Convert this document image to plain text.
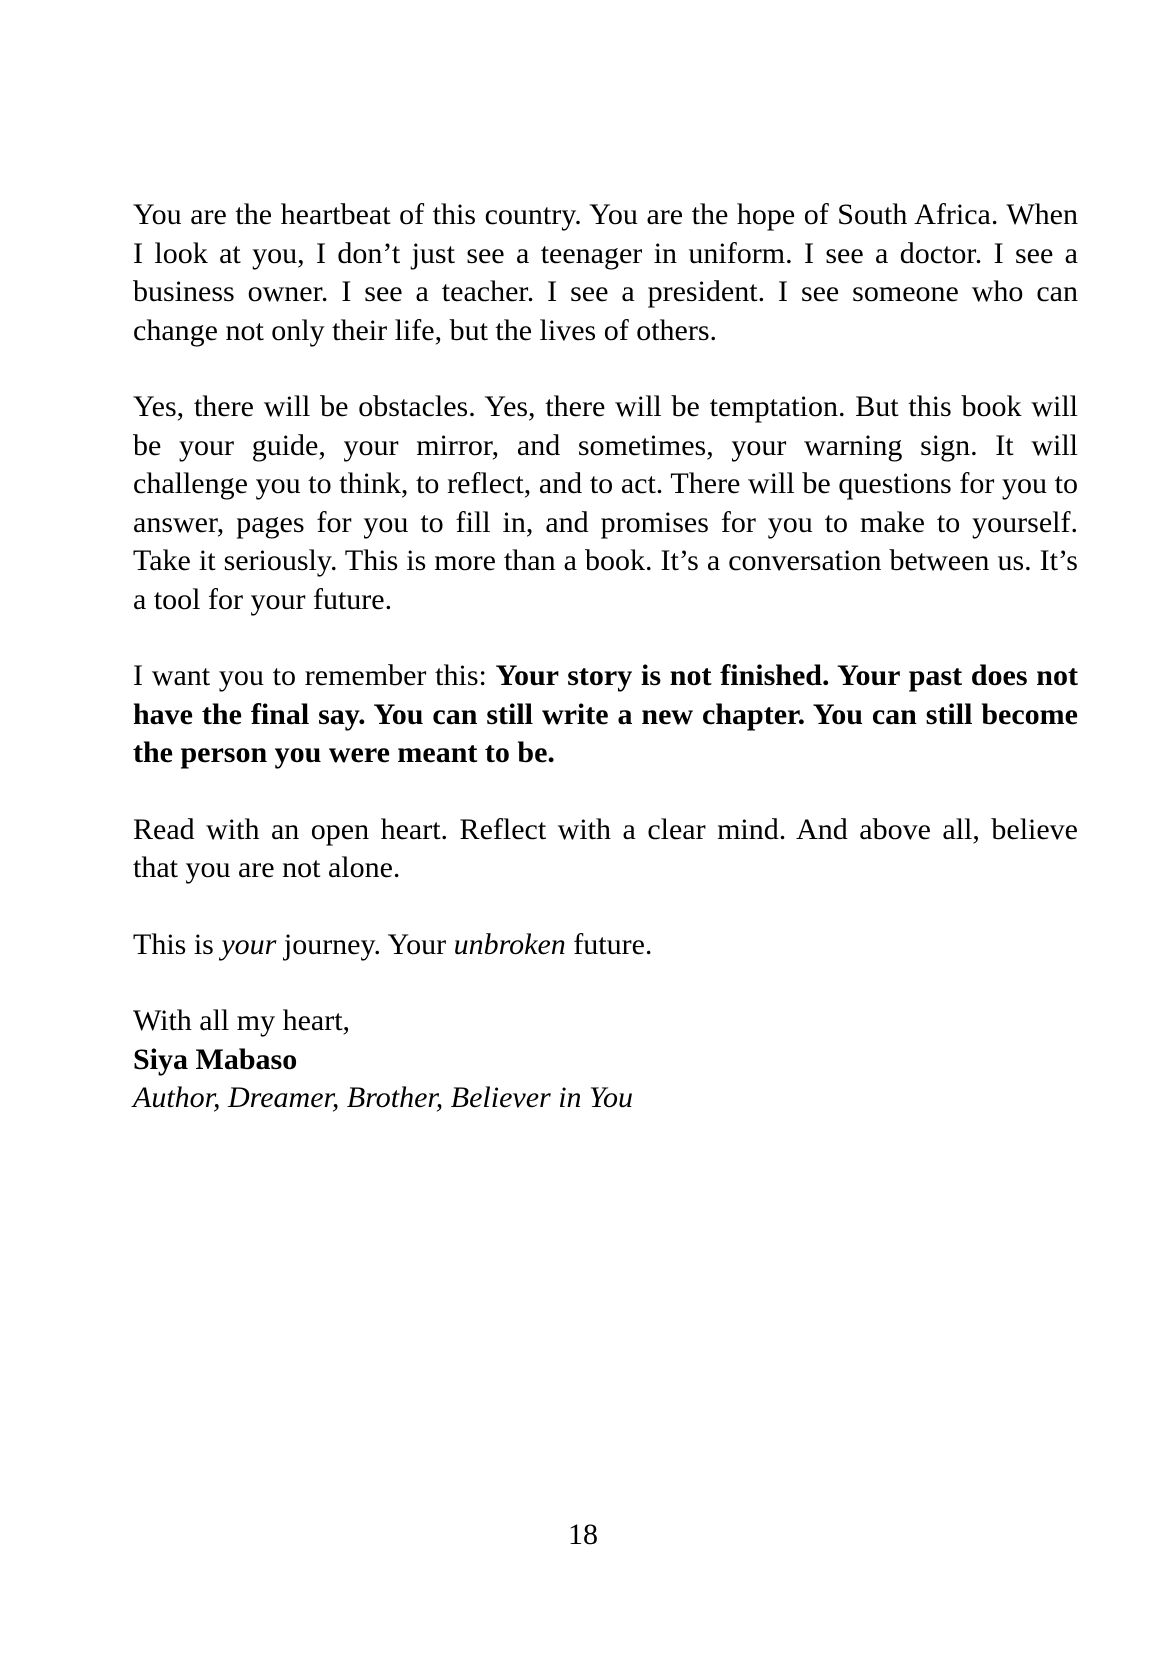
You are the heartbeat of this country. You are the hope of South Africa. When I look at you, I don’t just see a teenager in uniform. I see a doctor. I see a business owner. I see a teacher. I see a president. I see someone who can change not only their life, but the lives of others.

Yes, there will be obstacles. Yes, there will be temptation. But this book will be your guide, your mirror, and sometimes, your warning sign. It will challenge you to think, to reflect, and to act. There will be questions for you to answer, pages for you to fill in, and promises for you to make to yourself. Take it seriously. This is more than a book. It’s a conversation between us. It’s a tool for your future.

I want you to remember this: Your story is not finished. Your past does not have the final say. You can still write a new chapter. You can still become the person you were meant to be.

Read with an open heart. Reflect with a clear mind. And above all, believe that you are not alone.

This is your journey. Your unbroken future.

With all my heart,
Siya Mabaso
Author, Dreamer, Brother, Believer in You

18
